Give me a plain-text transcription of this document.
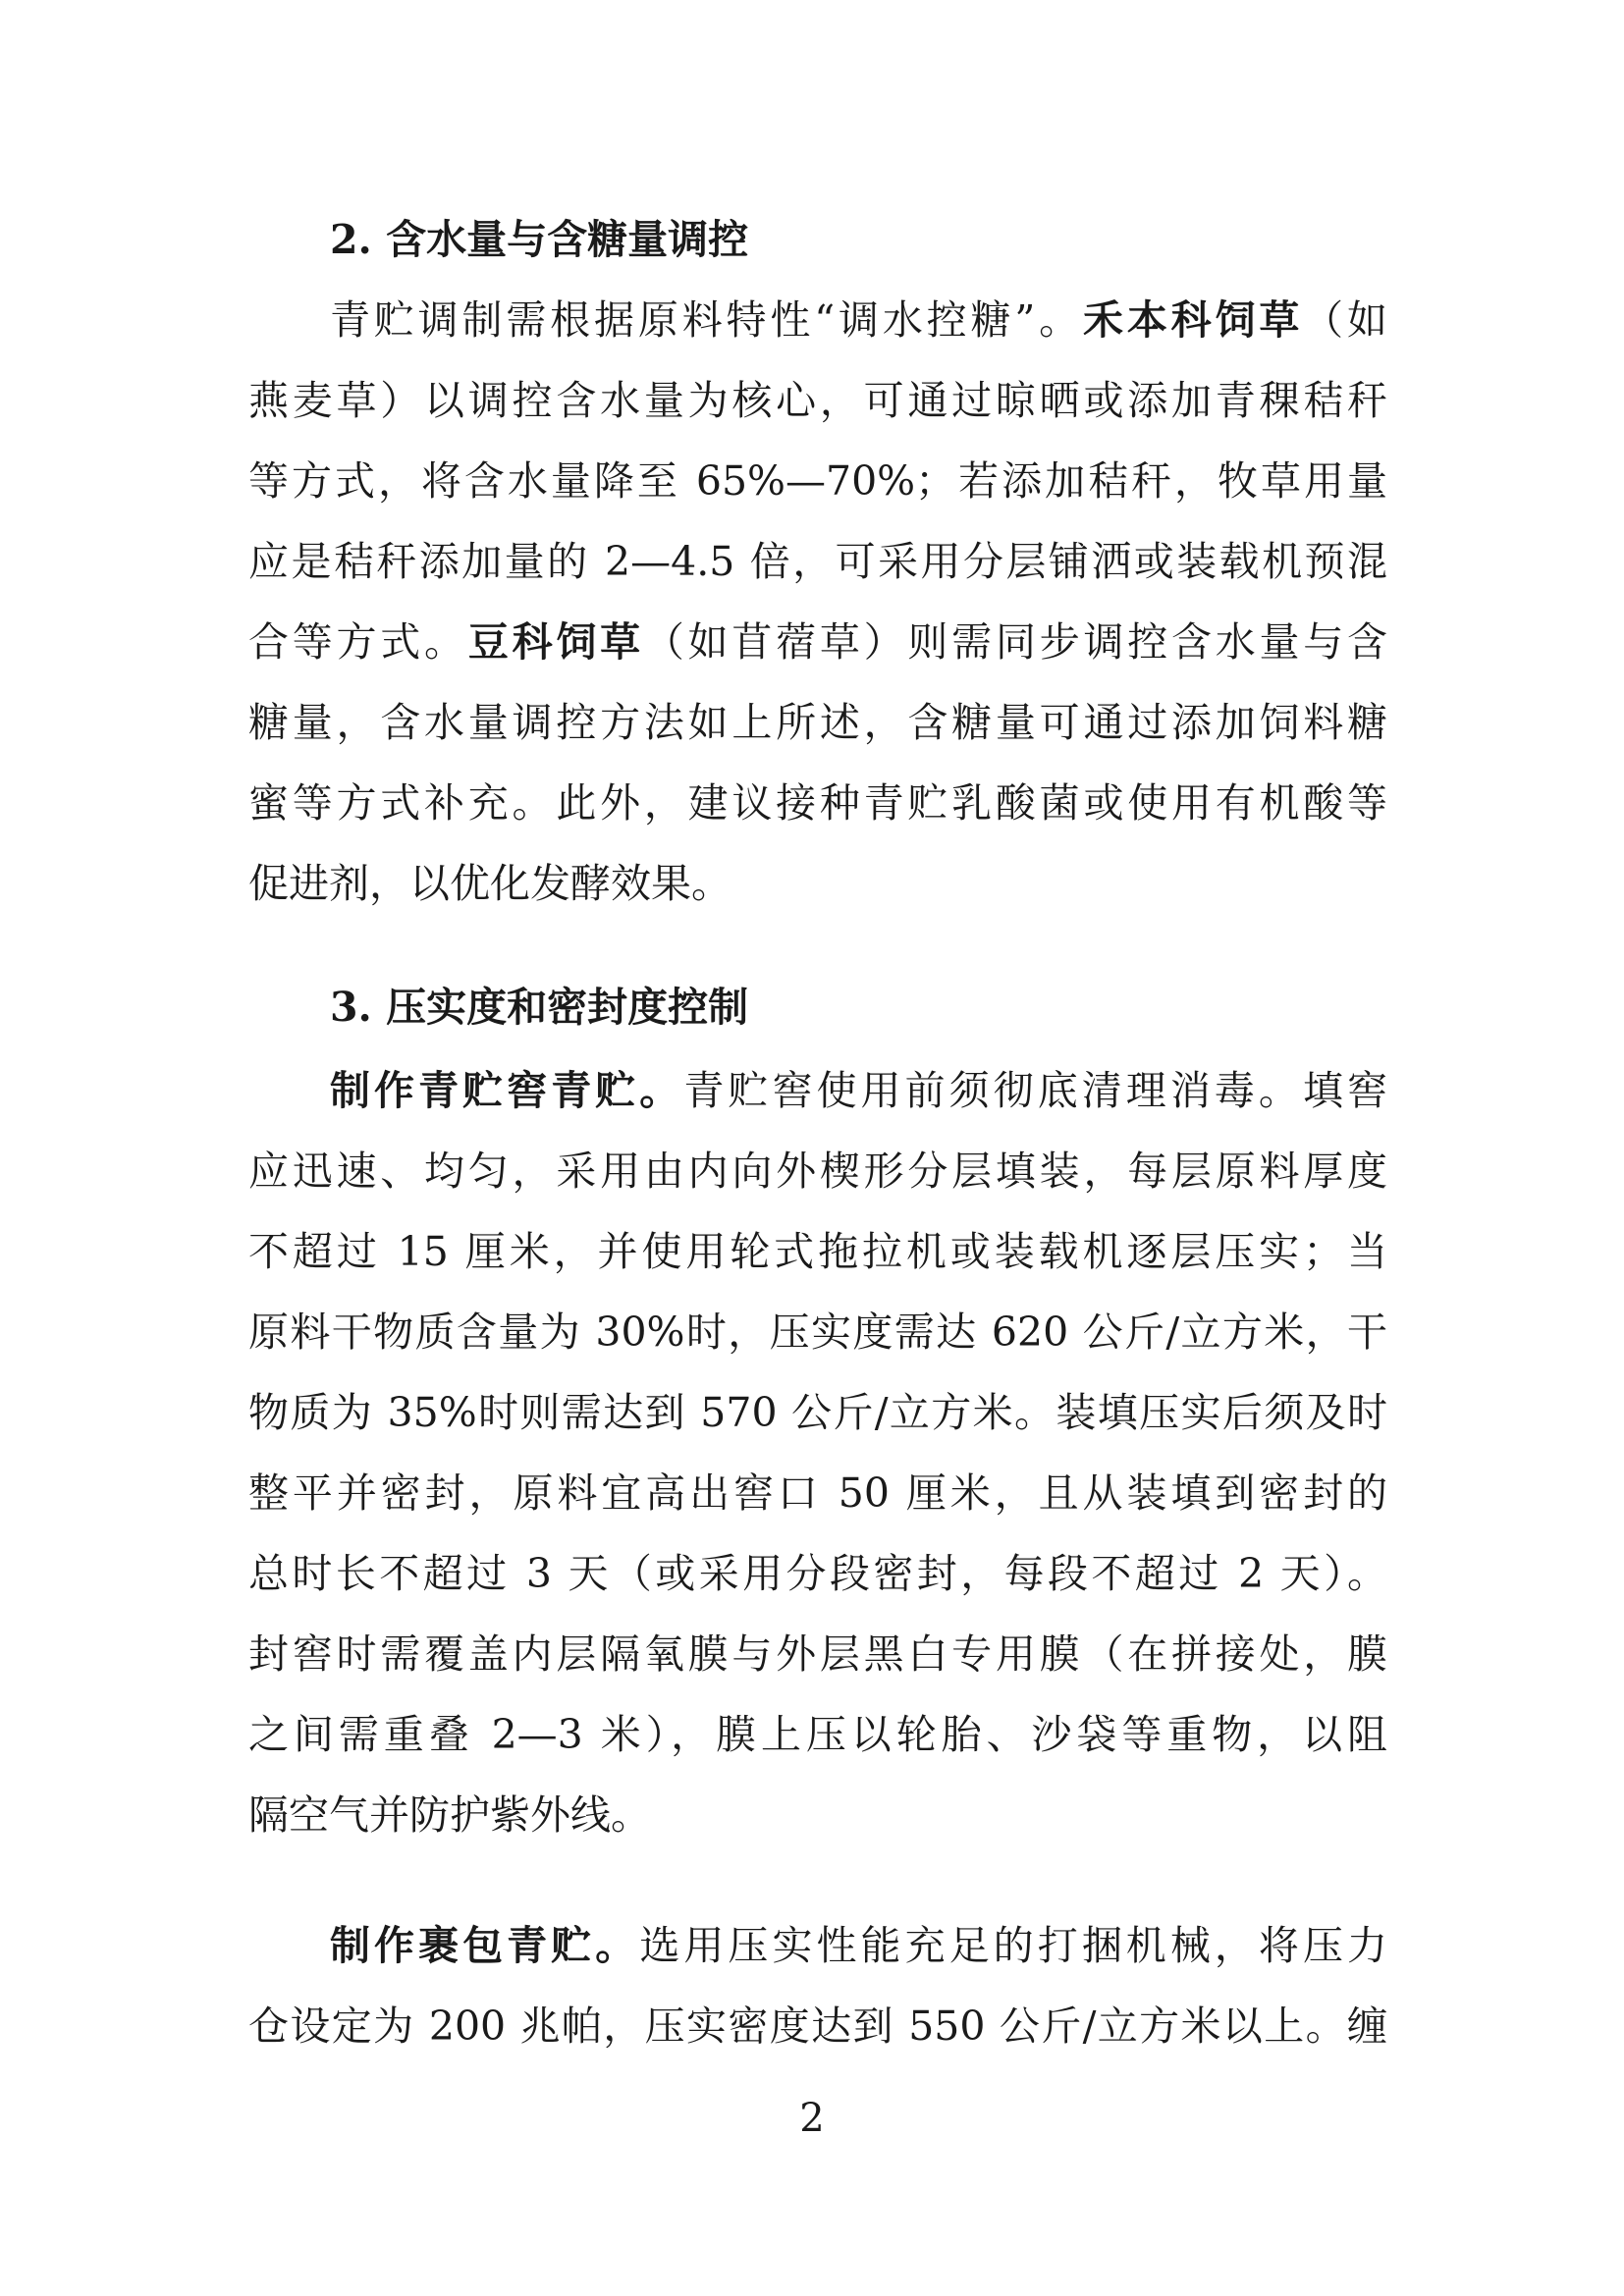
2. 含水量与含糖量调控
青贮调制需根据原料特性“调水控糖”。禾本科饲草（如
燕麦草）以调控含水量为核心，可通过晾晒或添加青稞秸秆
等方式，将含水量降至 65%—70%；若添加秸秆，牧草用量
应是秸秆添加量的 2—4.5 倍，可采用分层铺洒或装载机预混
合等方式。豆科饲草（如苜蓿草）则需同步调控含水量与含
糖量，含水量调控方法如上所述，含糖量可通过添加饲料糖
蜜等方式补充。此外，建议接种青贮乳酸菌或使用有机酸等
促进剂，以优化发酵效果。
3. 压实度和密封度控制
制作青贮窖青贮。青贮窖使用前须彻底清理消毒。填窖
应迅速、均匀，采用由内向外楔形分层填装，每层原料厚度
不超过 15 厘米，并使用轮式拖拉机或装载机逐层压实；当
原料干物质含量为 30%时，压实度需达 620 公斤/立方米，干
物质为 35%时则需达到 570 公斤/立方米。装填压实后须及时
整平并密封，原料宜高出窖口 50 厘米，且从装填到密封的
总时长不超过 3 天（或采用分段密封，每段不超过 2 天）。
封窖时需覆盖内层隔氧膜与外层黑白专用膜（在拼接处，膜
之间需重叠 2—3 米），膜上压以轮胎、沙袋等重物，以阻
隔空气并防护紫外线。
制作裹包青贮。选用压实性能充足的打捆机械，将压力
仓设定为 200 兆帕，压实密度达到 550 公斤/立方米以上。缠
2
